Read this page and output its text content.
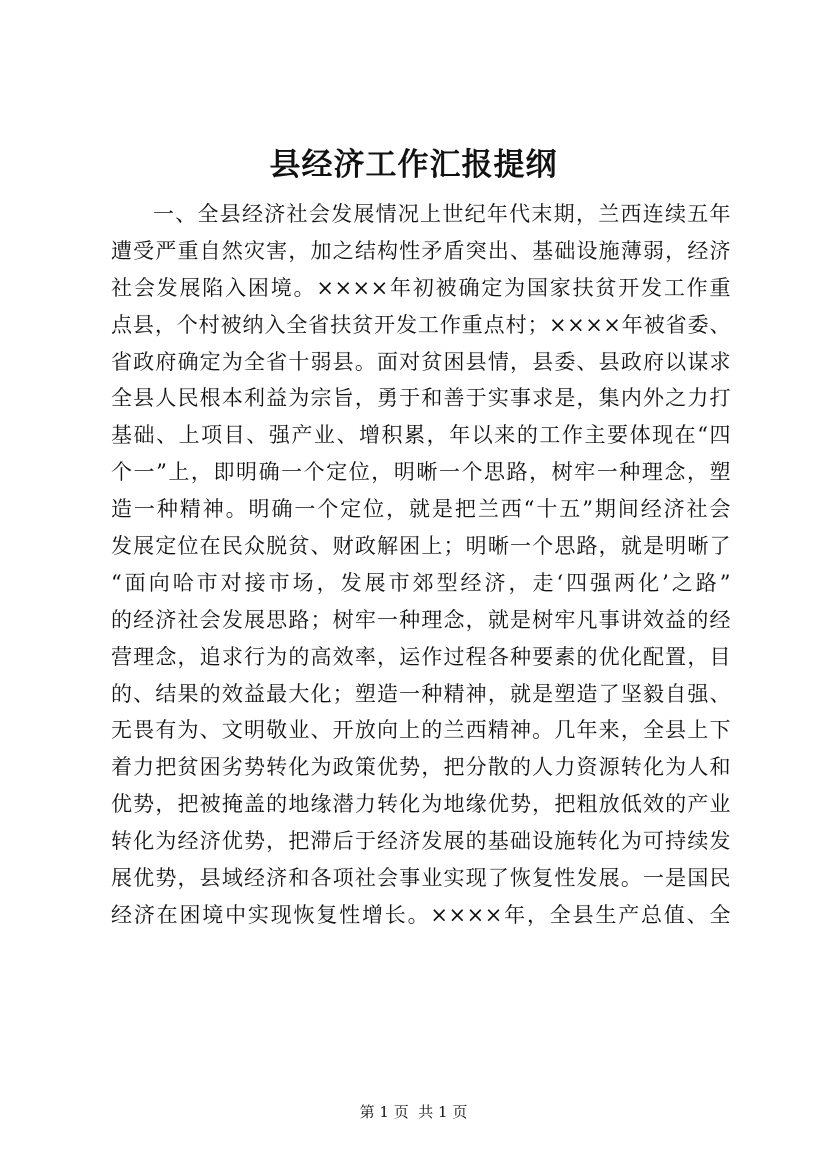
县经济工作汇报提纲
一、全县经济社会发展情况上世纪年代末期，兰西连续五年
遭受严重自然灾害，加之结构性矛盾突出、基础设施薄弱，经济
社会发展陷入困境。××××年初被确定为国家扶贫开发工作重
点县，个村被纳入全省扶贫开发工作重点村；××××年被省委、
省政府确定为全省十弱县。面对贫困县情，县委、县政府以谋求
全县人民根本利益为宗旨，勇于和善于实事求是，集内外之力打
基础、上项目、强产业、增积累，年以来的工作主要体现在“四
个一”上，即明确一个定位，明晰一个思路，树牢一种理念，塑
造一种精神。明确一个定位，就是把兰西“十五”期间经济社会
发展定位在民众脱贫、财政解困上；明晰一个思路，就是明晰了
“面向哈市对接市场，发展市郊型经济，走‘四强两化’之路”
的经济社会发展思路；树牢一种理念，就是树牢凡事讲效益的经
营理念，追求行为的高效率，运作过程各种要素的优化配置，目
的、结果的效益最大化；塑造一种精神，就是塑造了坚毅自强、
无畏有为、文明敬业、开放向上的兰西精神。几年来，全县上下
着力把贫困劣势转化为政策优势，把分散的人力资源转化为人和
优势，把被掩盖的地缘潜力转化为地缘优势，把粗放低效的产业
转化为经济优势，把滞后于经济发展的基础设施转化为可持续发
展优势，县域经济和各项社会事业实现了恢复性发展。一是国民
经济在困境中实现恢复性增长。××××年，全县生产总值、全
第 1 页  共 1 页
